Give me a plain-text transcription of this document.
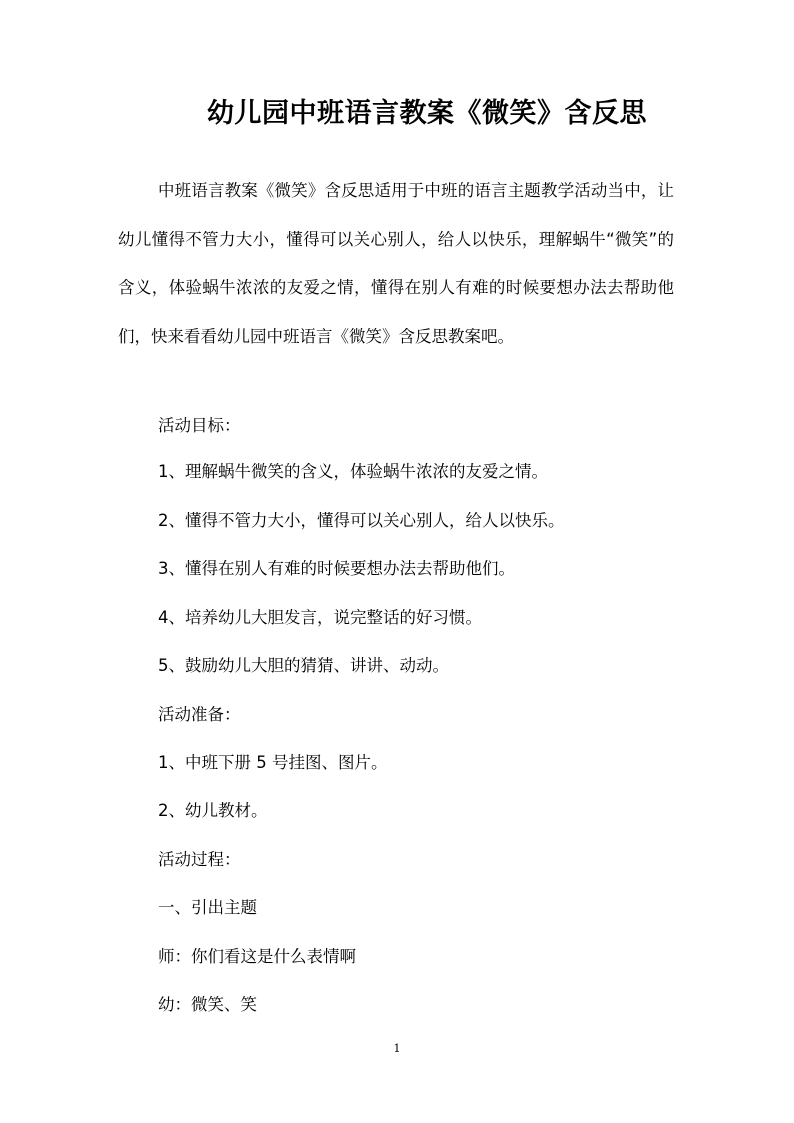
幼儿园中班语言教案《微笑》含反思

中班语言教案《微笑》含反思适用于中班的语言主题教学活动当中，让幼儿懂得不管力大小，懂得可以关心别人，给人以快乐，理解蜗牛“微笑”的含义，体验蜗牛浓浓的友爱之情，懂得在别人有难的时候要想办法去帮助他们，快来看看幼儿园中班语言《微笑》含反思教案吧。

活动目标：

1、理解蜗牛微笑的含义，体验蜗牛浓浓的友爱之情。

2、懂得不管力大小，懂得可以关心别人，给人以快乐。

3、懂得在别人有难的时候要想办法去帮助他们。

4、培养幼儿大胆发言，说完整话的好习惯。

5、鼓励幼儿大胆的猜猜、讲讲、动动。

活动准备：

1、中班下册 5 号挂图、图片。

2、幼儿教材。

活动过程：

一、引出主题

师：你们看这是什么表情啊

幼：微笑、笑

1
